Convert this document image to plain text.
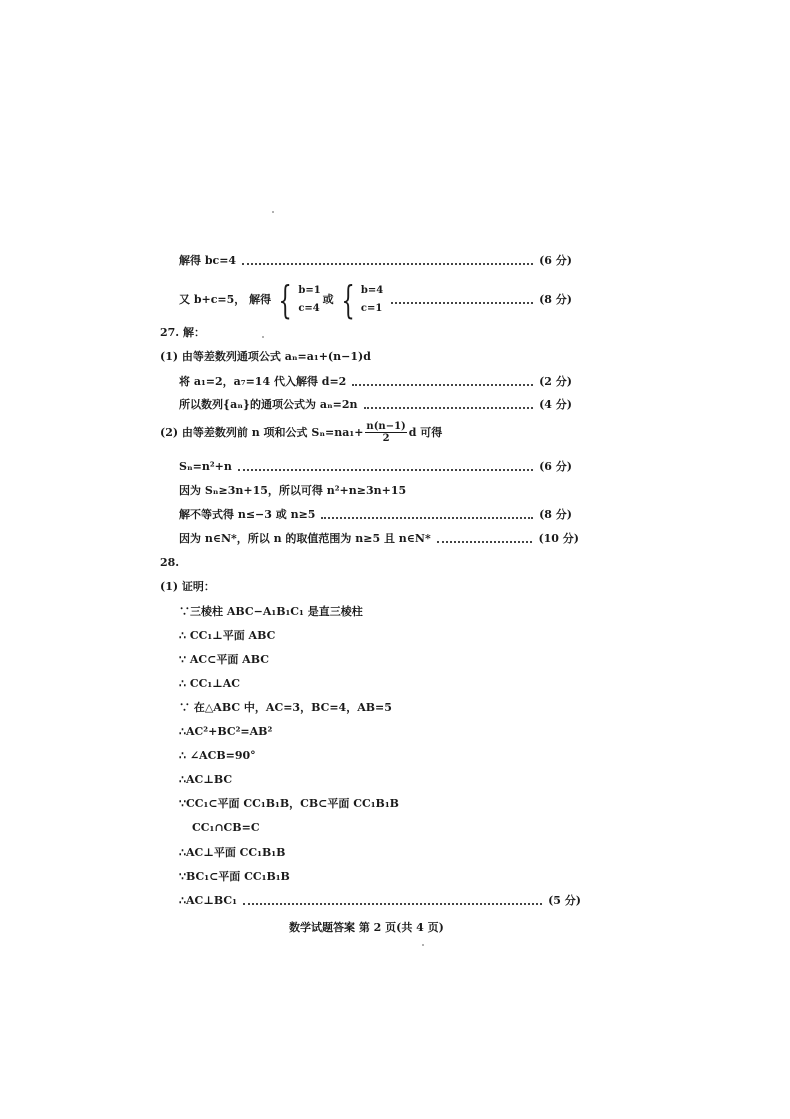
解得 bc=4	(6 分)
又 b+c=5， 解得 { b=1
c=4
或 { b=4
c=1
(8 分)
27. 解：
(1) 由等差数列通项公式 aₙ=a₁+(n−1)d
将 a₁=2，a₇=14 代入解得 d=2	(2 分)
所以数列{aₙ}的通项公式为 aₙ=2n	(4 分)
(2) 由等差数列前 n 项和公式 $S_n=na_1+ \frac{n(n-1)}{2}$ d 可得
Sₙ=n²+n	(6 分)
因为 Sₙ≥3n+15，所以可得 n²+n≥3n+15
解不等式得 n≤−3 或 n≥5	(8 分)
因为 n∈N*，所以 n 的取值范围为 n≥5 且 n∈N*	(10 分)
28.
(1) 证明：
∵三棱柱 ABC−A₁B₁C₁ 是直三棱柱
∴ CC₁⊥平面 ABC
∵ AC⊂平面 ABC
∴ CC₁⊥AC
∵ 在△ABC 中，AC=3，BC=4，AB=5
∴AC²+BC²=AB²
∴ ∠ACB=90°
∴AC⊥BC
∵CC₁⊂平面 CC₁B₁B，CB⊂平面 CC₁B₁B
CC₁∩CB=C
∴AC⊥平面 CC₁B₁B
∵BC₁⊂平面 CC₁B₁B
∴AC⊥BC₁	(5 分)
数学试题答案 第 2 页(共 4 页)
